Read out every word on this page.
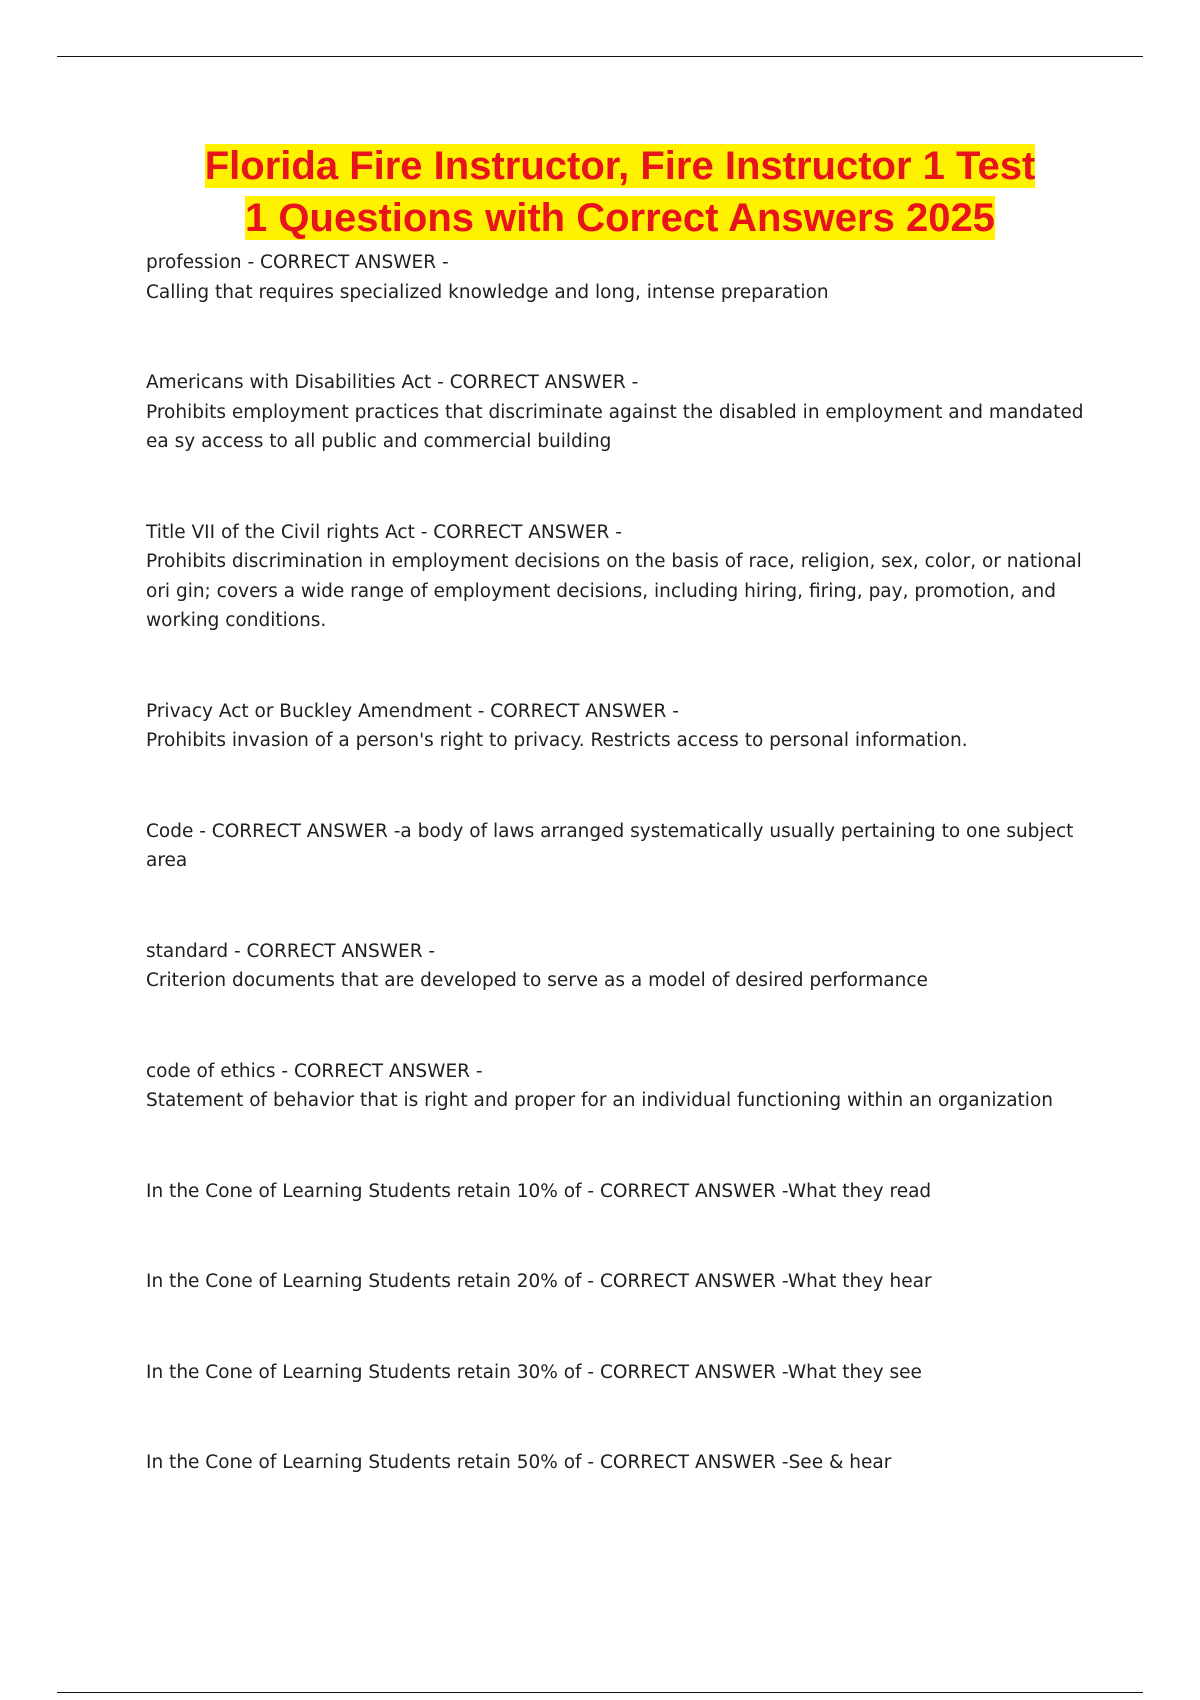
Florida Fire Instructor, Fire Instructor 1 Test
1 Questions with Correct Answers 2025
profession - CORRECT ANSWER -
Calling that requires specialized knowledge and long, intense preparation
Americans with Disabilities Act - CORRECT ANSWER -
Prohibits employment practices that discriminate against the disabled in employment and mandated ea sy access to all public and commercial building
Title VII of the Civil rights Act - CORRECT ANSWER -
Prohibits discrimination in employment decisions on the basis of race, religion, sex, color, or national ori gin; covers a wide range of employment decisions, including hiring, firing, pay, promotion, and working conditions.
Privacy Act or Buckley Amendment - CORRECT ANSWER -
Prohibits invasion of a person's right to privacy. Restricts access to personal information.
Code - CORRECT ANSWER -a body of laws arranged systematically usually pertaining to one subject area
standard - CORRECT ANSWER -
Criterion documents that are developed to serve as a model of desired performance
code of ethics - CORRECT ANSWER -
Statement of behavior that is right and proper for an individual functioning within an organization
In the Cone of Learning Students retain 10% of - CORRECT ANSWER -What they read
In the Cone of Learning Students retain 20% of - CORRECT ANSWER -What they hear
In the Cone of Learning Students retain 30% of - CORRECT ANSWER -What they see
In the Cone of Learning Students retain 50% of - CORRECT ANSWER -See & hear
